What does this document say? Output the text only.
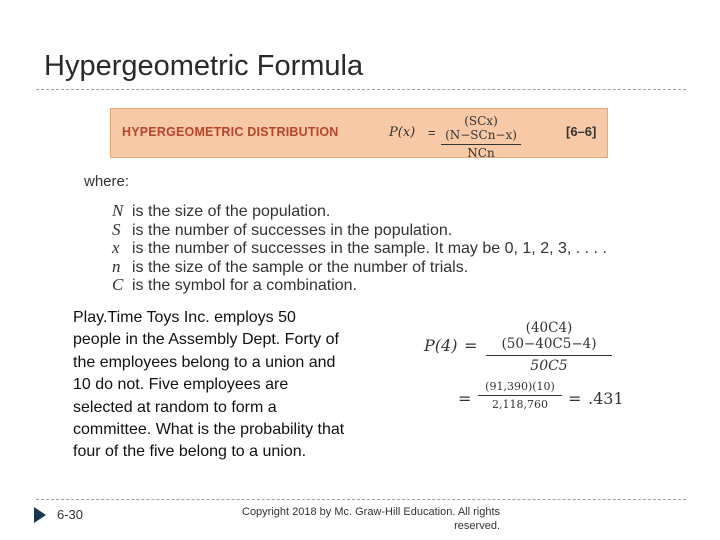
Hypergeometric Formula
HYPERGEOMETRIC DISTRIBUTION	P(x) =
(SCx)(N−SCn−x)
NCn
[6–6]
where:
N is the size of the population.
S is the number of successes in the population.
x is the number of successes in the sample. It may be 0, 1, 2, 3, . . . .
n is the size of the sample or the number of trials.
C is the symbol for a combination.
Play.Time Toys Inc. employs 50 people in the Assembly Dept. Forty of the employees belong to a union and 10 do not. Five employees are selected at random to form a committee. What is the probability that four of the five belong to a union.
$P(4) = \frac{(40C4)(50-40C5-4)}{50C5}$
= $\frac{(91,390)(10)}{2,118,760} = .431$
6-30	Copyright 2018 by Mc. Graw-Hill Education. All rights reserved.
